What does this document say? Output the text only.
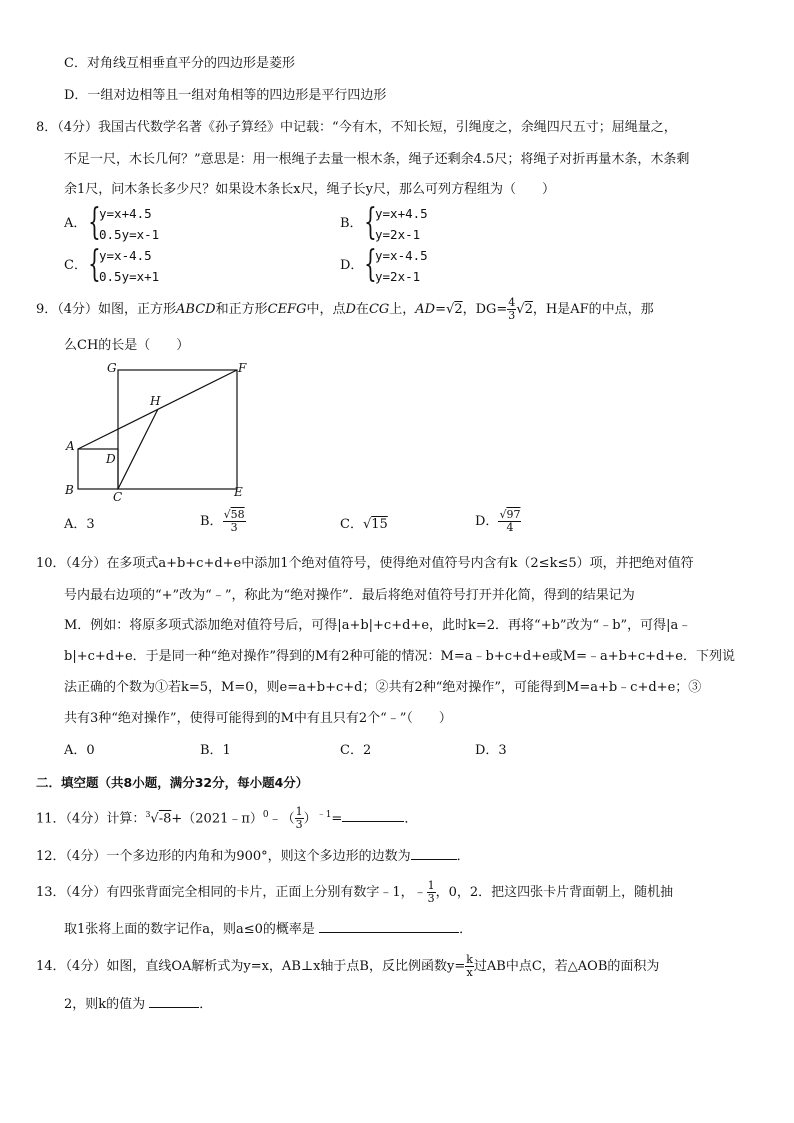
C．对角线互相垂直平分的四边形是菱形
D．一组对边相等且一组对角相等的四边形是平行四边形
8．（4分）我国古代数学名著《孙子算经》中记载：“今有木，不知长短，引绳度之，余绳四尺五寸；屈绳量之，
不足一尺，木长几何？”意思是：用一根绳子去量一根木条，绳子还剩余4.5尺；将绳子对折再量木条，木条剩
余1尺，问木条长多少尺？如果设木条长x尺，绳子长y尺，那么可列方程组为（　　）
A． {
y=x+4.5
0.5y=x-1
B． {
y=x+4.5
y=2x-1
C． {
y=x-4.5
0.5y=x+1
D． {
y=x-4.5
y=2x-1
9．（4分）如图，正方形ABCD和正方形CEFG中，点D在CG上，AD=√2，$DG= \frac{4}{3} √2$，H是AF的中点，那
么CH的长是（　　）
G	F
H
A
D
B	C	E
A．3	B． $\frac{√58}{3}$	C．√15	D． $\frac{√97}{4}$
10．（4分）在多项式a+b+c+d+e中添加1个绝对值符号，使得绝对值符号内含有k（2≤k≤5）项，并把绝对值符
号内最右边项的“+”改为“﹣”，称此为“绝对操作”．最后将绝对值符号打开并化简，得到的结果记为
M．例如：将原多项式添加绝对值符号后，可得|a+b|+c+d+e，此时k=2．再将“+b”改为“﹣b”，可得|a﹣
b|+c+d+e．于是同一种“绝对操作”得到的M有2种可能的情况：M=a﹣b+c+d+e或M=﹣a+b+c+d+e．下列说
法正确的个数为①若k=5，M=0，则e=a+b+c+d；②共有2种“绝对操作”，可能得到M=a+b﹣c+d+e；③
共有3种“绝对操作”，使得可能得到的M中有且只有2个“﹣”（　　）
A．0	B．1	C．2	D．3
二．填空题（共8小题，满分32分，每小题4分）
11．（4分）计算：$^3$√-8+（2021﹣π）$^0$﹣（ $\frac{1}{3} )^{﹣1}=$	．
12．（4分）一个多边形的内角和为900°，则这个多边形的边数为	．
13．（4分）有四张背面完全相同的卡片，正面上分别有数字﹣1，﹣ $\frac{1}{3}$ ，0，2．把这四张卡片背面朝上，随机抽
取1张将上面的数字记作a，则a≤0的概率是	．
14．（4分）如图，直线OA解析式为y=x，AB⊥x轴于点B，反比例函数$y= \frac{k}{x}$ 过AB中点C，若△AOB的面积为
2，则k的值为	．
